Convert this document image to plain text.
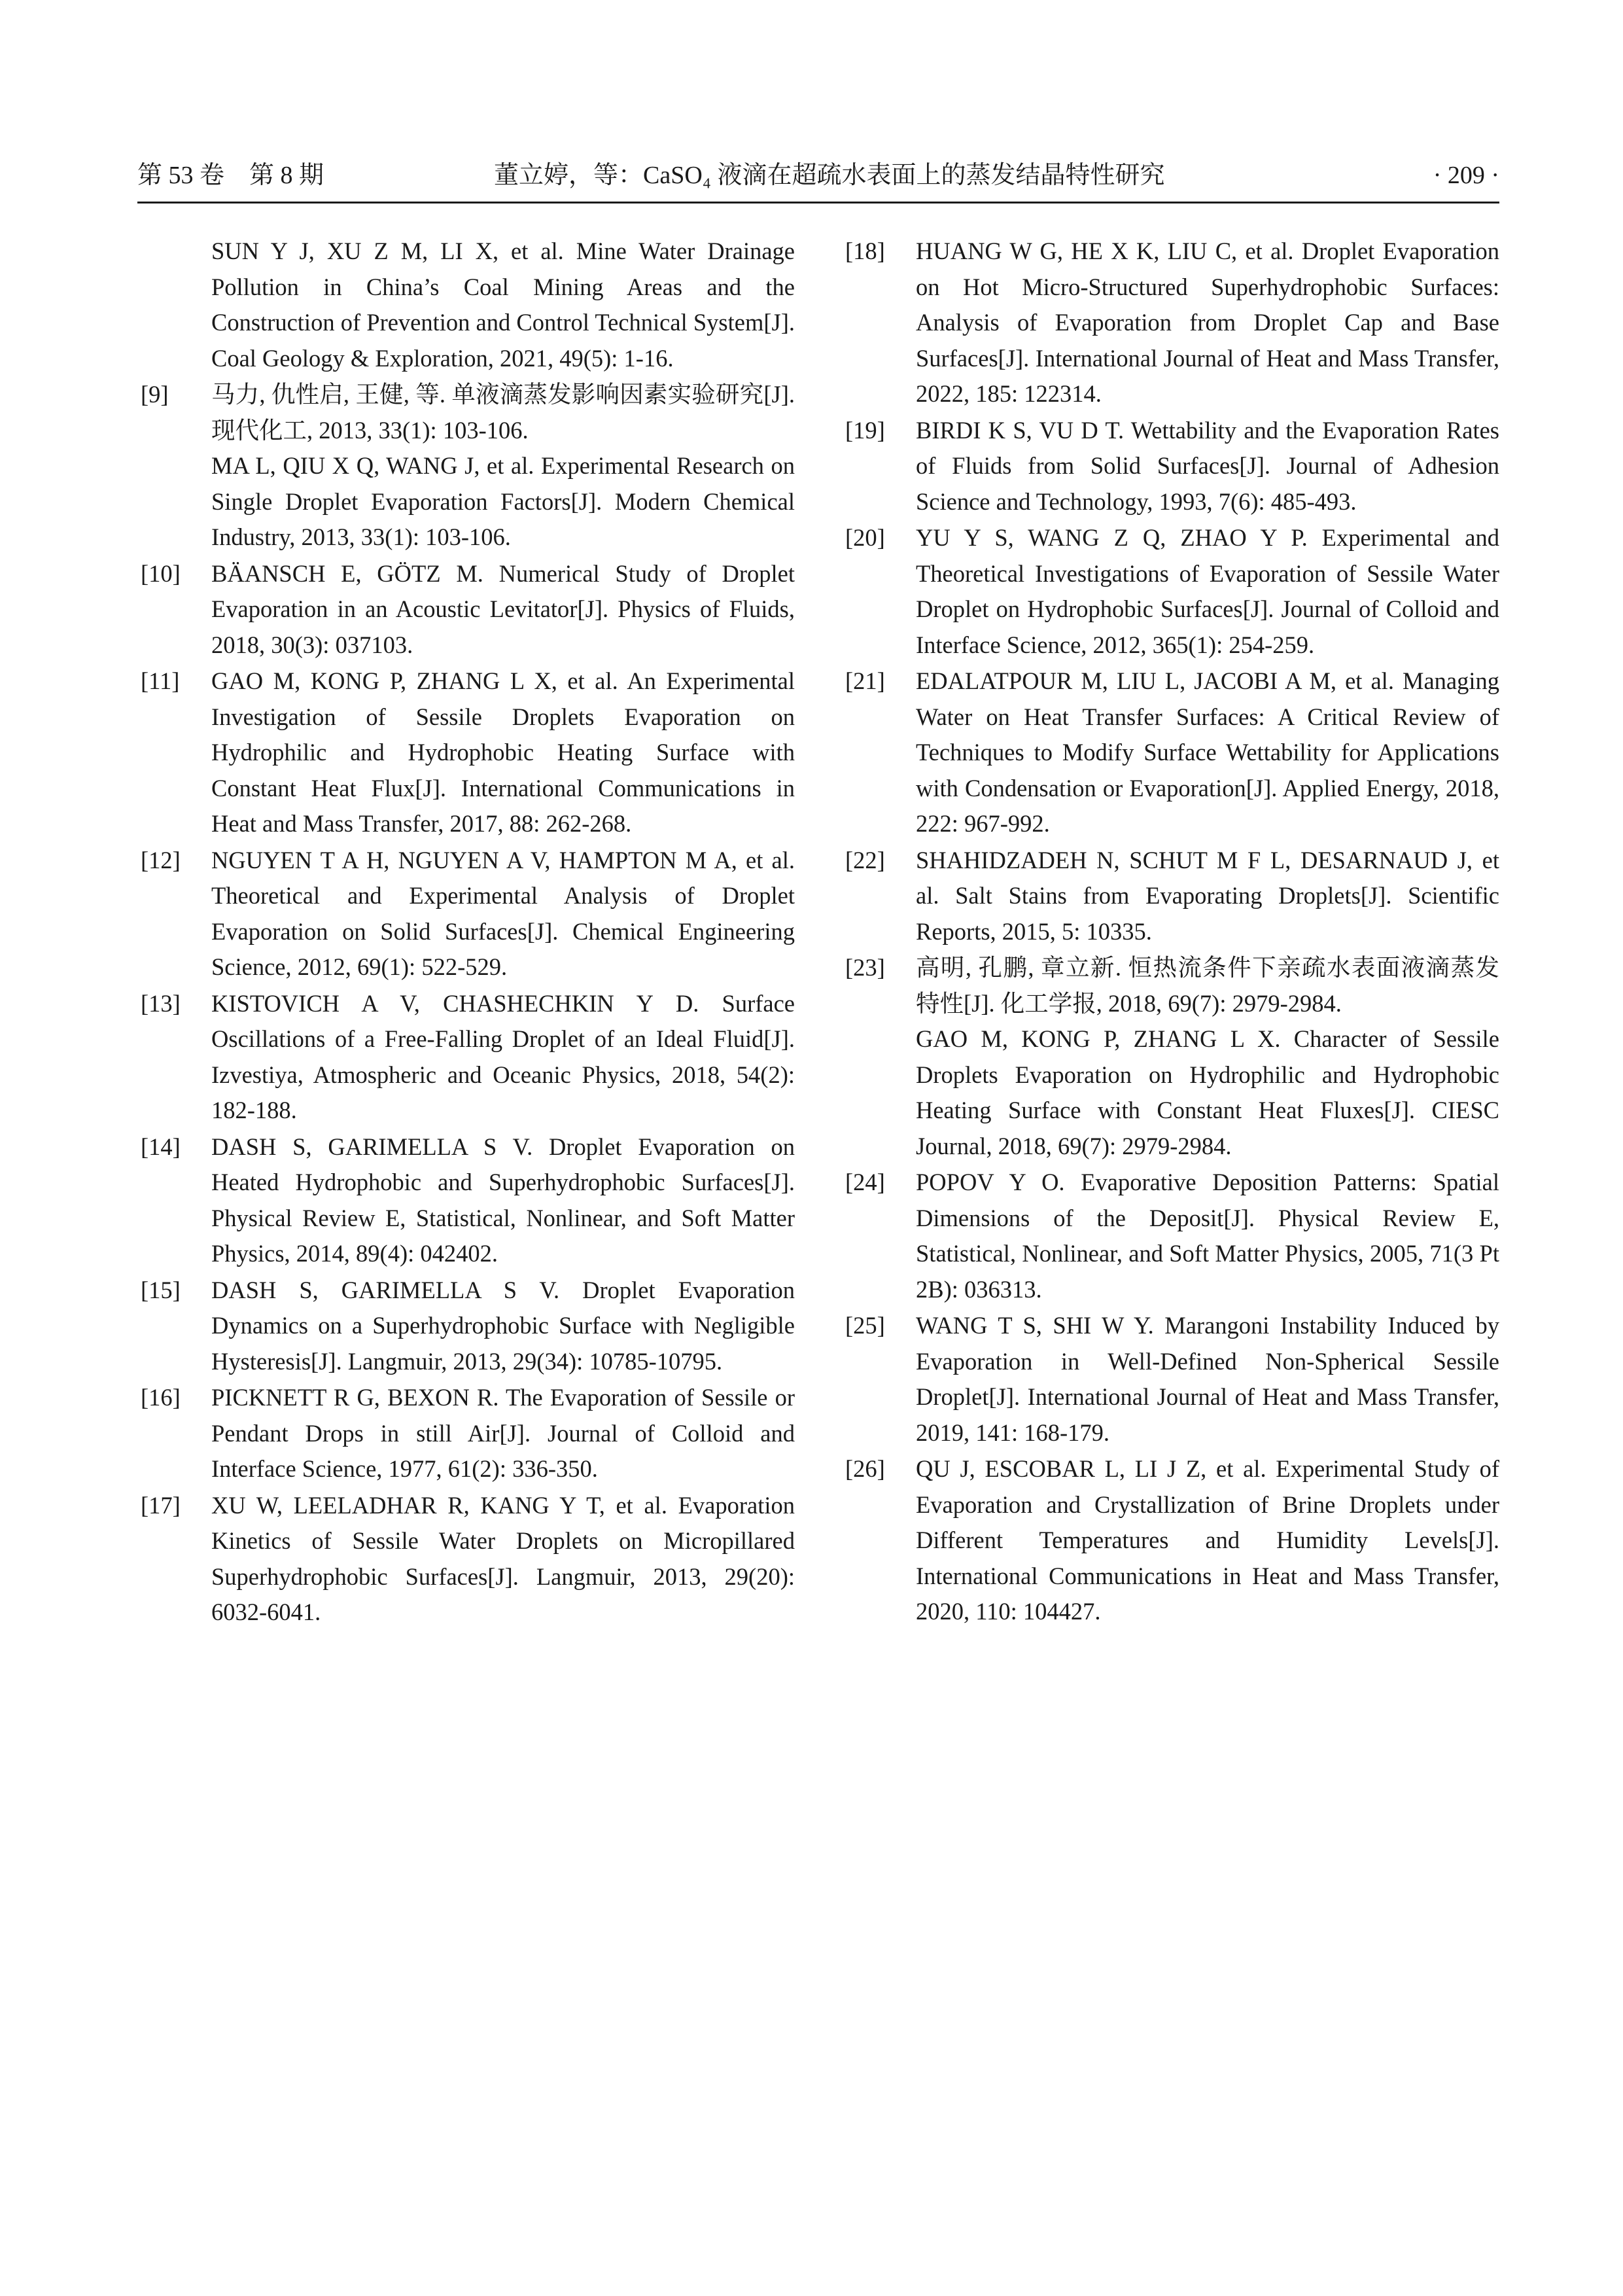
第 53 卷　第 8 期	董立婷，等：CaSO₄ 液滴在超疏水表面上的蒸发结晶特性研究	· 209 ·
SUN Y J, XU Z M, LI X, et al. Mine Water Drainage Pollution in China’s Coal Mining Areas and the Construction of Prevention and Control Technical System[J]. Coal Geology & Exploration, 2021, 49(5): 1-16.
[9] 马力, 仇性启, 王健, 等. 单液滴蒸发影响因素实验研究[J]. 现代化工, 2013, 33(1): 103-106.
MA L, QIU X Q, WANG J, et al. Experimental Research on Single Droplet Evaporation Factors[J]. Modern Chemical Industry, 2013, 33(1): 103-106.
[10] BÄANSCH E, GÖTZ M. Numerical Study of Droplet Evaporation in an Acoustic Levitator[J]. Physics of Fluids, 2018, 30(3): 037103.
[11] GAO M, KONG P, ZHANG L X, et al. An Experimental Investigation of Sessile Droplets Evaporation on Hydrophilic and Hydrophobic Heating Surface with Constant Heat Flux[J]. International Communications in Heat and Mass Transfer, 2017, 88: 262-268.
[12] NGUYEN T A H, NGUYEN A V, HAMPTON M A, et al. Theoretical and Experimental Analysis of Droplet Evaporation on Solid Surfaces[J]. Chemical Engineering Science, 2012, 69(1): 522-529.
[13] KISTOVICH A V, CHASHECHKIN Y D. Surface Oscillations of a Free-Falling Droplet of an Ideal Fluid[J]. Izvestiya, Atmospheric and Oceanic Physics, 2018, 54(2): 182-188.
[14] DASH S, GARIMELLA S V. Droplet Evaporation on Heated Hydrophobic and Superhydrophobic Surfaces[J]. Physical Review E, Statistical, Nonlinear, and Soft Matter Physics, 2014, 89(4): 042402.
[15] DASH S, GARIMELLA S V. Droplet Evaporation Dynamics on a Superhydrophobic Surface with Negligible Hysteresis[J]. Langmuir, 2013, 29(34): 10785-10795.
[16] PICKNETT R G, BEXON R. The Evaporation of Sessile or Pendant Drops in still Air[J]. Journal of Colloid and Interface Science, 1977, 61(2): 336-350.
[17] XU W, LEELADHAR R, KANG Y T, et al. Evaporation Kinetics of Sessile Water Droplets on Micropillared Superhydrophobic Surfaces[J]. Langmuir, 2013, 29(20): 6032-6041.
[18] HUANG W G, HE X K, LIU C, et al. Droplet Evaporation on Hot Micro-Structured Superhydrophobic Surfaces: Analysis of Evaporation from Droplet Cap and Base Surfaces[J]. International Journal of Heat and Mass Transfer, 2022, 185: 122314.
[19] BIRDI K S, VU D T. Wettability and the Evaporation Rates of Fluids from Solid Surfaces[J]. Journal of Adhesion Science and Technology, 1993, 7(6): 485-493.
[20] YU Y S, WANG Z Q, ZHAO Y P. Experimental and Theoretical Investigations of Evaporation of Sessile Water Droplet on Hydrophobic Surfaces[J]. Journal of Colloid and Interface Science, 2012, 365(1): 254-259.
[21] EDALATPOUR M, LIU L, JACOBI A M, et al. Managing Water on Heat Transfer Surfaces: A Critical Review of Techniques to Modify Surface Wettability for Applications with Condensation or Evaporation[J]. Applied Energy, 2018, 222: 967-992.
[22] SHAHIDZADEH N, SCHUT M F L, DESARNAUD J, et al. Salt Stains from Evaporating Droplets[J]. Scientific Reports, 2015, 5: 10335.
[23] 高明, 孔鹏, 章立新. 恒热流条件下亲疏水表面液滴蒸发特性[J]. 化工学报, 2018, 69(7): 2979-2984.
GAO M, KONG P, ZHANG L X. Character of Sessile Droplets Evaporation on Hydrophilic and Hydrophobic Heating Surface with Constant Heat Fluxes[J]. CIESC Journal, 2018, 69(7): 2979-2984.
[24] POPOV Y O. Evaporative Deposition Patterns: Spatial Dimensions of the Deposit[J]. Physical Review E, Statistical, Nonlinear, and Soft Matter Physics, 2005, 71(3 Pt 2B): 036313.
[25] WANG T S, SHI W Y. Marangoni Instability Induced by Evaporation in Well-Defined Non-Spherical Sessile Droplet[J]. International Journal of Heat and Mass Transfer, 2019, 141: 168-179.
[26] QU J, ESCOBAR L, LI J Z, et al. Experimental Study of Evaporation and Crystallization of Brine Droplets under Different Temperatures and Humidity Levels[J]. International Communications in Heat and Mass Transfer, 2020, 110: 104427.
